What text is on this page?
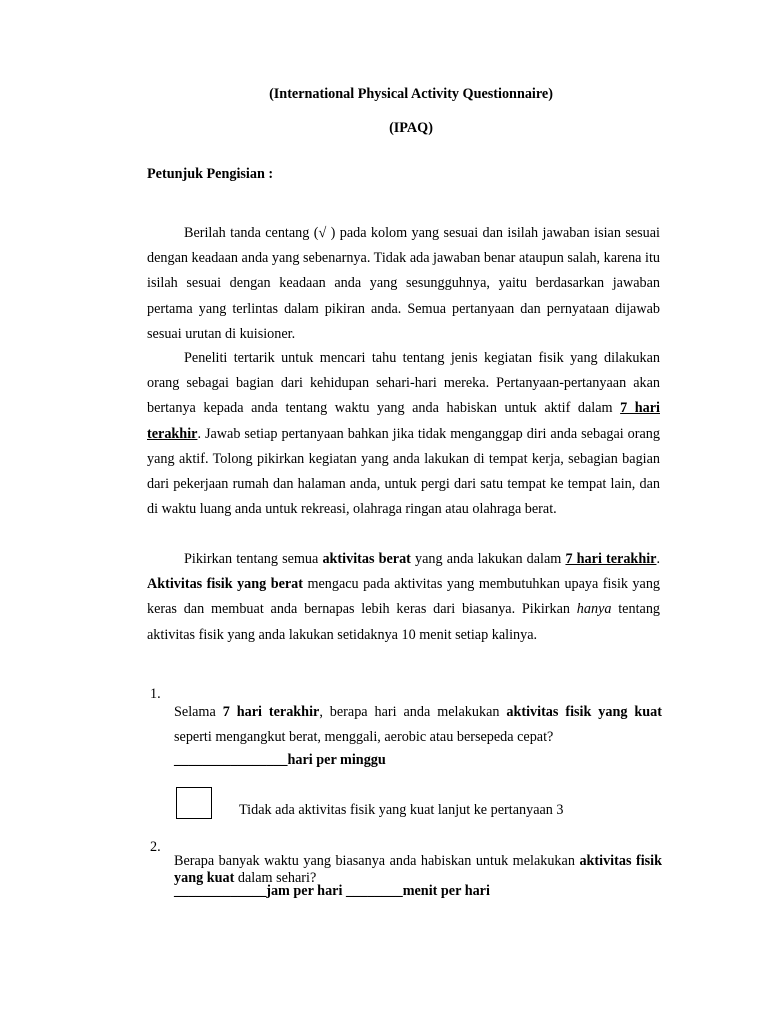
(International Physical Activity Questionnaire)

(IPAQ)

Petunjuk Pengisian :

Berilah tanda centang (√ ) pada kolom yang sesuai dan isilah jawaban isian sesuai dengan keadaan anda yang sebenarnya. Tidak ada jawaban benar ataupun salah, karena itu isilah sesuai dengan keadaan anda yang sesungguhnya, yaitu berdasarkan jawaban pertama yang terlintas dalam pikiran anda. Semua pertanyaan dan pernyataan dijawab sesuai urutan di kuisioner.

Peneliti tertarik untuk mencari tahu tentang jenis kegiatan fisik yang dilakukan orang sebagai bagian dari kehidupan sehari-hari mereka. Pertanyaan-pertanyaan akan bertanya kepada anda tentang waktu yang anda habiskan untuk aktif dalam 7 hari terakhir. Jawab setiap pertanyaan bahkan jika tidak menganggap diri anda sebagai orang yang aktif. Tolong pikirkan kegiatan yang anda lakukan di tempat kerja, sebagian bagian dari pekerjaan rumah dan halaman anda, untuk pergi dari satu tempat ke tempat lain, dan di waktu luang anda untuk rekreasi, olahraga ringan atau olahraga berat.

Pikirkan tentang semua aktivitas berat yang anda lakukan dalam 7 hari terakhir. Aktivitas fisik yang berat mengacu pada aktivitas yang membutuhkan upaya fisik yang keras dan membuat anda bernapas lebih keras dari biasanya. Pikirkan hanya tentang aktivitas fisik yang anda lakukan setidaknya 10 menit setiap kalinya.

1.

Selama 7 hari terakhir, berapa hari anda melakukan aktivitas fisik yang kuat seperti mengangkut berat, menggali, aerobic atau bersepeda cepat?

________________hari per minggu

Tidak ada aktivitas fisik yang kuat lanjut ke pertanyaan 3

2.

Berapa banyak waktu yang biasanya anda habiskan untuk melakukan aktivitas fisik yang kuat dalam sehari?

_____________jam per hari ________menit per hari
